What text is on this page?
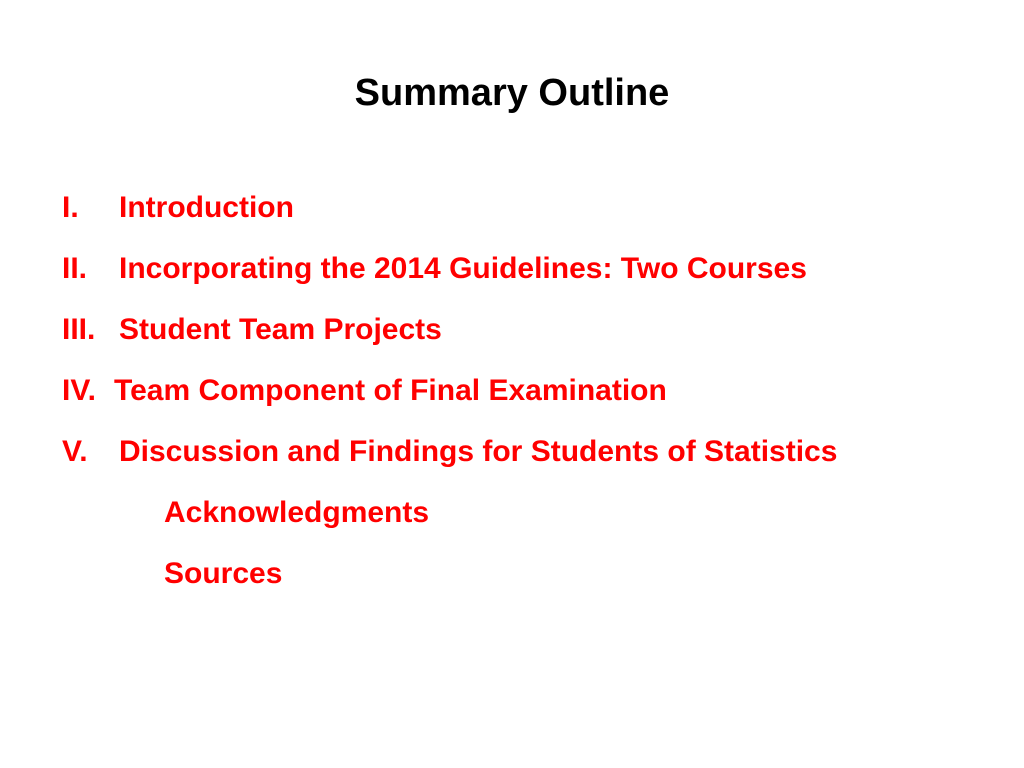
Summary Outline
I. Introduction
II. Incorporating the 2014 Guidelines: Two Courses
III. Student Team Projects
IV. Team Component of Final Examination
V. Discussion and Findings for Students of Statistics
Acknowledgments
Sources
